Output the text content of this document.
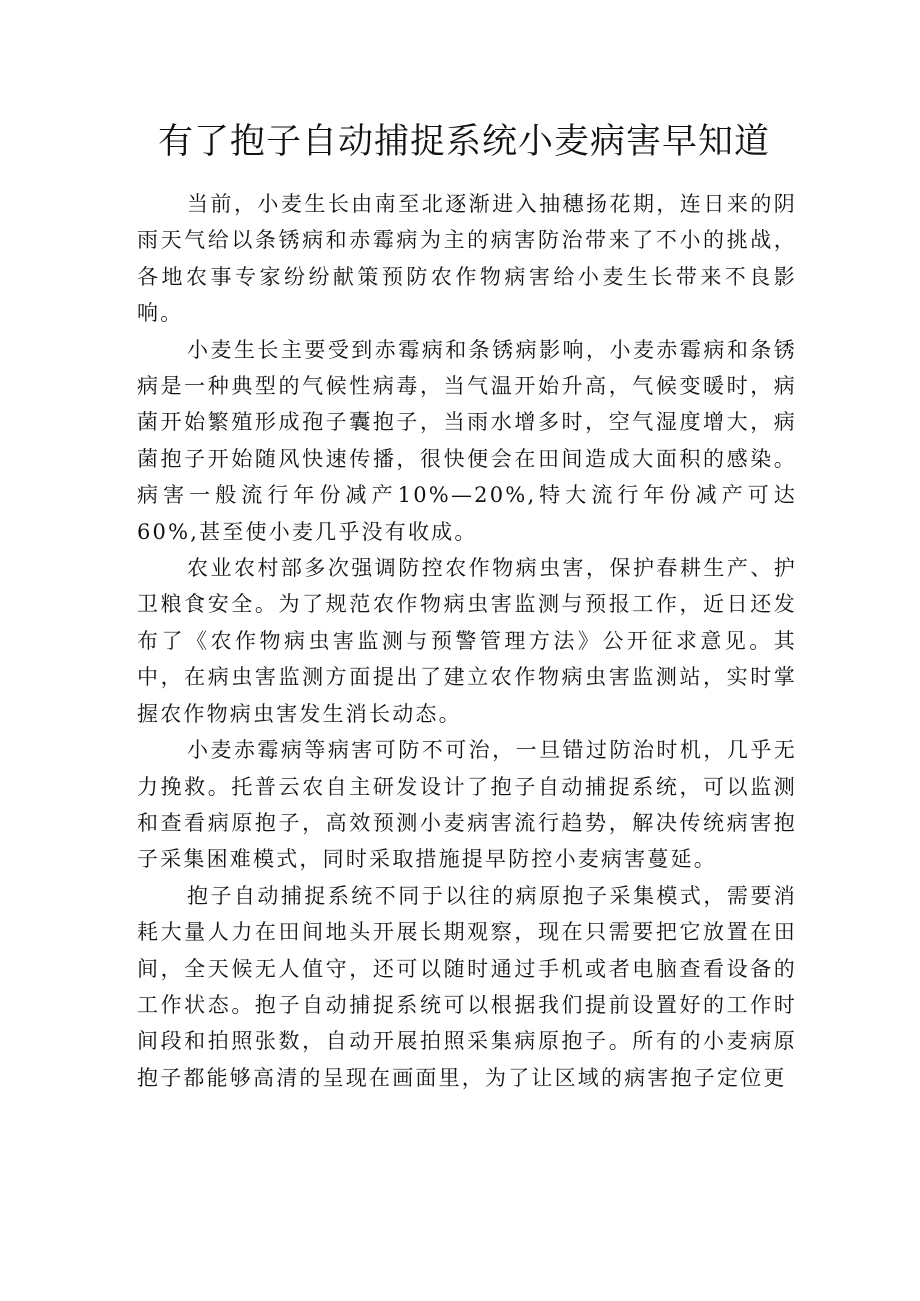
有了抱子自动捕捉系统小麦病害早知道

当前，小麦生长由南至北逐渐进入抽穗扬花期，连日来的阴雨天气给以条锈病和赤霉病为主的病害防治带来了不小的挑战，各地农事专家纷纷献策预防农作物病害给小麦生长带来不良影响。

小麦生长主要受到赤霉病和条锈病影响，小麦赤霉病和条锈病是一种典型的气候性病毒，当气温开始升高，气候变暖时，病菌开始繁殖形成孢子囊抱子，当雨水增多时，空气湿度增大，病菌抱子开始随风快速传播，很快便会在田间造成大面积的感染。病害一般流行年份减产10%—20%,特大流行年份减产可达60%,甚至使小麦几乎没有收成。

农业农村部多次强调防控农作物病虫害，保护春耕生产、护卫粮食安全。为了规范农作物病虫害监测与预报工作，近日还发布了《农作物病虫害监测与预警管理方法》公开征求意见。其中，在病虫害监测方面提出了建立农作物病虫害监测站，实时掌握农作物病虫害发生消长动态。

小麦赤霉病等病害可防不可治，一旦错过防治时机，几乎无力挽救。托普云农自主研发设计了抱子自动捕捉系统，可以监测和查看病原抱子，高效预测小麦病害流行趋势，解决传统病害抱子采集困难模式，同时采取措施提早防控小麦病害蔓延。

抱子自动捕捉系统不同于以往的病原抱子采集模式，需要消耗大量人力在田间地头开展长期观察，现在只需要把它放置在田间，全天候无人值守，还可以随时通过手机或者电脑查看设备的工作状态。抱子自动捕捉系统可以根据我们提前设置好的工作时间段和拍照张数，自动开展拍照采集病原抱子。所有的小麦病原抱子都能够高清的呈现在画面里，为了让区域的病害抱子定位更
